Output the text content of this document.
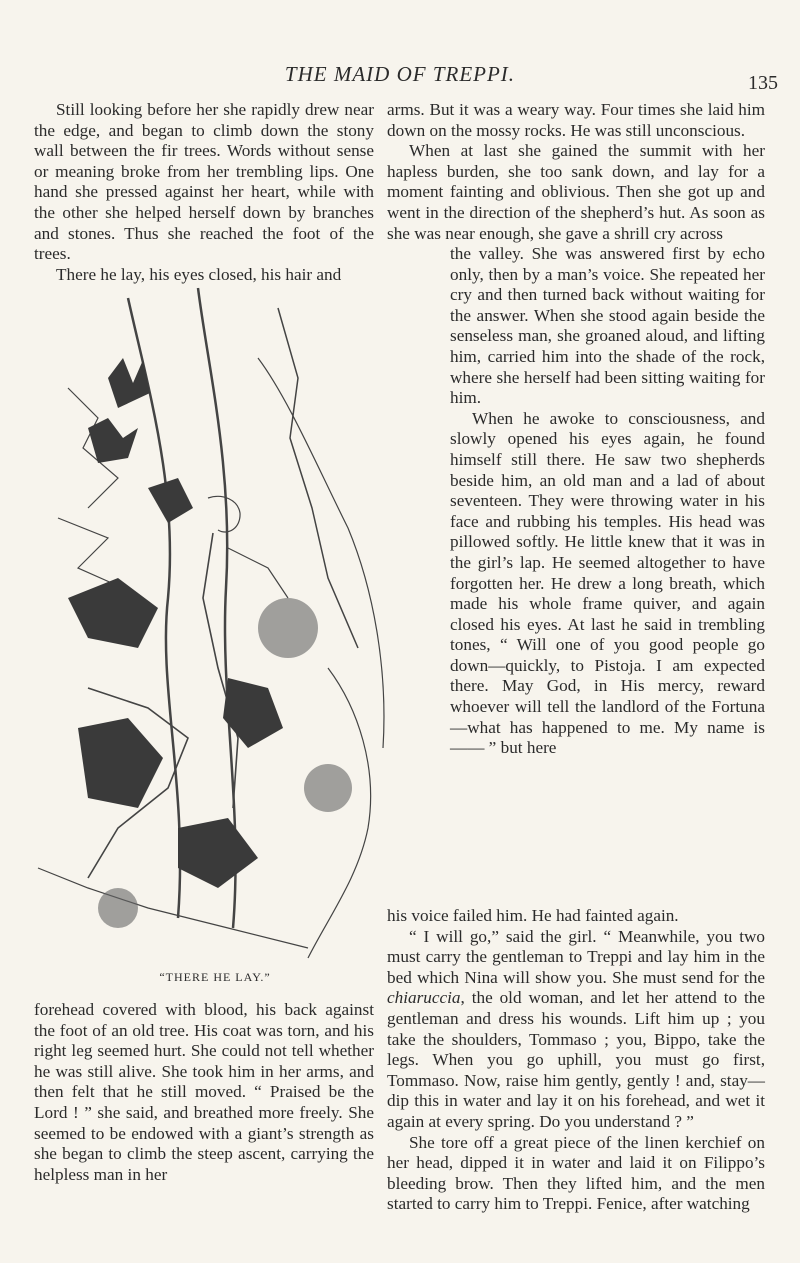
THE MAID OF TREPPI.	135

Still looking before her she rapidly drew near the edge, and began to climb down the stony wall between the fir trees. Words without sense or meaning broke from her trembling lips. One hand she pressed against her heart, while with the other she helped herself down by branches and stones. Thus she reached the foot of the trees.

There he lay, his eyes closed, his hair and

arms. But it was a weary way. Four times she laid him down on the mossy rocks. He was still unconscious.

When at last she gained the summit with her hapless burden, she too sank down, and lay for a moment fainting and oblivious. Then she got up and went in the direction of the shepherd’s hut. As soon as she was near enough, she gave a shrill cry across

the valley. She was answered first by echo only, then by a man’s voice. She repeated her cry and then turned back without waiting for the answer. When she stood again beside the senseless man, she groaned aloud, and lifting him, carried him into the shade of the rock, where she herself had been sitting waiting for him.

When he awoke to consciousness, and slowly opened his eyes again, he found himself still there. He saw two shepherds beside him, an old man and a lad of about seventeen. They were throwing water in his face and rubbing his temples. His head was pillowed softly. He little knew that it was in the girl’s lap. He seemed altogether to have forgotten her. He drew a long breath, which made his whole frame quiver, and again closed his eyes. At last he said in trembling tones, “ Will one of you good people go down—quickly, to Pistoja. I am expected there. May God, in His mercy, reward whoever will tell the landlord of the Fortuna—what has happened to me. My name is—— ” but here

“THERE HE LAY.”

forehead covered with blood, his back against the foot of an old tree. His coat was torn, and his right leg seemed hurt. She could not tell whether he was still alive. She took him in her arms, and then felt that he still moved. “ Praised be the Lord ! ” she said, and breathed more freely. She seemed to be endowed with a giant’s strength as she began to climb the steep ascent, carrying the helpless man in her

his voice failed him. He had fainted again.

“ I will go,” said the girl. “ Meanwhile, you two must carry the gentleman to Treppi and lay him in the bed which Nina will show you. She must send for the chiaruccia, the old woman, and let her attend to the gentleman and dress his wounds. Lift him up ; you take the shoulders, Tommaso ; you, Bippo, take the legs. When you go uphill, you must go first, Tommaso. Now, raise him gently, gently ! and, stay—dip this in water and lay it on his forehead, and wet it again at every spring. Do you understand ? ”

She tore off a great piece of the linen kerchief on her head, dipped it in water and laid it on Filippo’s bleeding brow. Then they lifted him, and the men started to carry him to Treppi. Fenice, after watching
